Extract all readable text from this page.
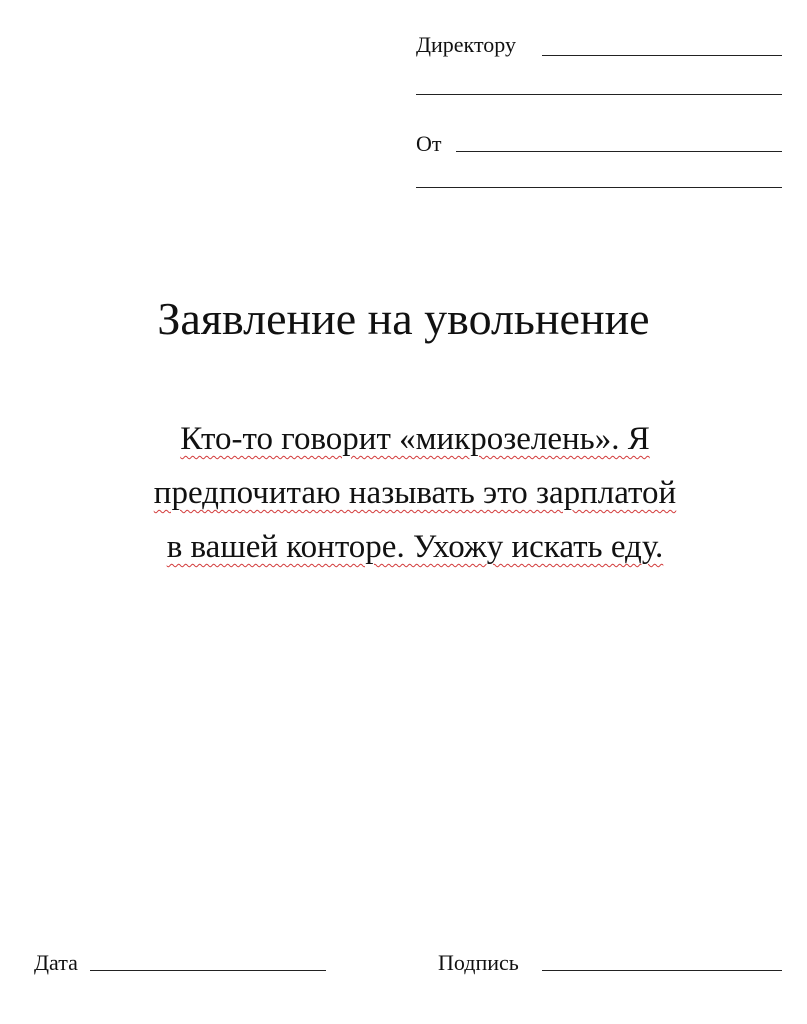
Директору
От
Заявление на увольнение
Кто-то говорит «микрозелень». Я
предпочитаю называть это зарплатой
в вашей конторе. Ухожу искать еду.
Дата	Подпись
